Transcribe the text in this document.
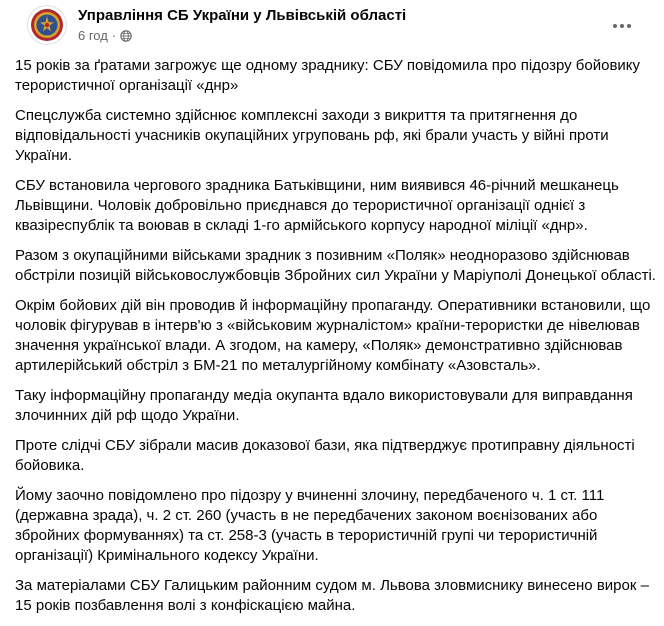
Управління СБ України у Львівській області
6 год ·

15 років за ґратами загрожує ще одному зраднику: СБУ повідомила про підозру бойовику терористичної організації «днр»

Спецслужба системно здійснює комплексні заходи з викриття та притягнення до відповідальності учасників окупаційних угруповань рф, які брали участь у війні проти України.

СБУ встановила чергового зрадника Батьківщини, ним виявився 46-річний мешканець Львівщини. Чоловік добровільно приєднався до терористичної організації однієї з квазіреспублік та воював в складі 1-го армійського корпусу народної міліції «днр».

Разом з окупаційними військами зрадник з позивним «Поляк» неодноразово здійснював обстріли позицій військовослужбовців Збройних сил України у Маріуполі Донецької області.

Окрім бойових дій він проводив й інформаційну пропаганду. Оперативники встановили, що чоловік фігурував в інтерв'ю з «військовим журналістом» країни-терористки де нівелював значення української влади. А згодом, на камеру, «Поляк» демонстративно здійснював артилерійський обстріл з БМ-21 по металургійному комбінату «Азовсталь».

Таку інформаційну пропаганду медіа окупанта вдало використовували для виправдання злочинних дій рф щодо України.

Проте слідчі СБУ зібрали масив доказової бази, яка підтверджує протиправну діяльності бойовика.

Йому заочно повідомлено про підозру у вчиненні злочину, передбаченого ч. 1 ст. 111 (державна зрада), ч. 2 ст. 260 (участь в не передбачених законом воєнізованих або збройних формуваннях) та ст. 258-3 (участь в терористичній групі чи терористичній організації) Кримінального кодексу України.

За матеріалами СБУ Галицьким районним судом м. Львова зловмиснику винесено вирок – 15 років позбавлення волі з конфіскацією майна.
